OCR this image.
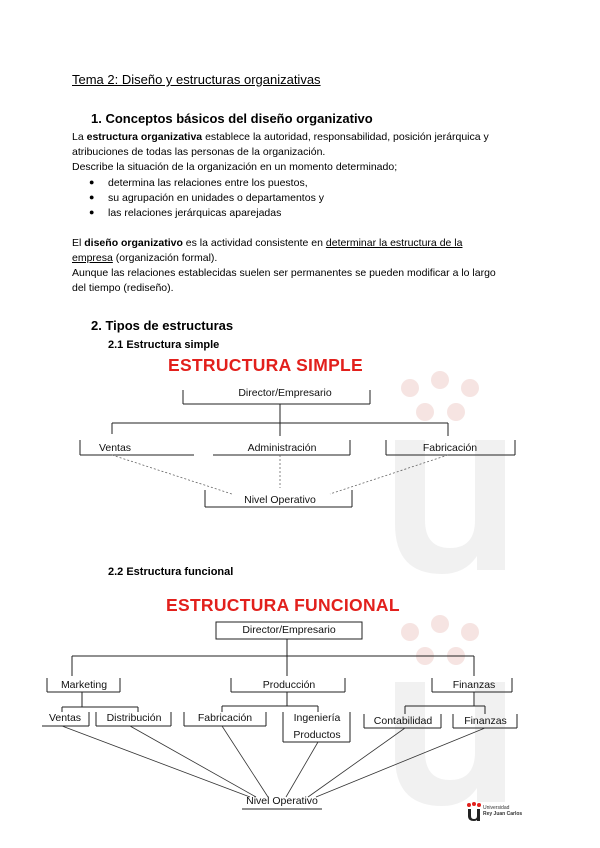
Tema 2: Diseño y estructuras organizativas
1. Conceptos básicos del diseño organizativo
La estructura organizativa establece la autoridad, responsabilidad, posición jerárquica y
atribuciones de todas las personas de la organización.
Describe la situación de la organización en un momento determinado;
● determina las relaciones entre los puestos,
● su agrupación en unidades o departamentos y
● las relaciones jerárquicas aparejadas
El diseño organizativo es la actividad consistente en determinar la estructura de la
empresa (organización formal).
Aunque las relaciones establecidas suelen ser permanentes se pueden modificar a lo largo
del tiempo (rediseño).
2. Tipos de estructuras
2.1 Estructura simple
ESTRUCTURA SIMPLE
Director/Empresario
Ventas	Administración	Fabricación
Nivel Operativo
2.2 Estructura funcional
ESTRUCTURA FUNCIONAL
Director/Empresario
Marketing	Producción	Finanzas
Ventas	Distribución	Fabricación	Ingeniería
Productos
Contabilidad	Finanzas
Nivel Operativo
Universidad
Rey Juan Carlos
